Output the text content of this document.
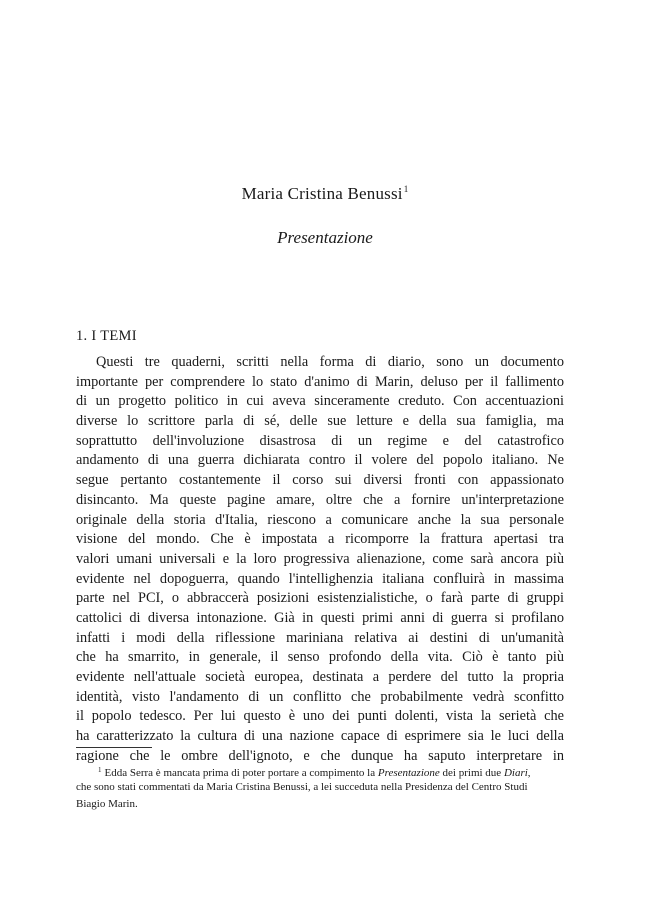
Maria Cristina Benussi$^1$
Presentazione
1. I TEMI
Questi tre quaderni, scritti nella forma di diario, sono un documento
importante per comprendere lo stato d'animo di Marin, deluso per il fallimento
di un progetto politico in cui aveva sinceramente creduto. Con accentuazioni
diverse lo scrittore parla di sé, delle sue letture e della sua famiglia, ma
soprattutto dell'involuzione disastrosa di un regime e del catastrofico
andamento di una guerra dichiarata contro il volere del popolo italiano. Ne
segue pertanto costantemente il corso sui diversi fronti con appassionato
disincanto. Ma queste pagine amare, oltre che a fornire un'interpretazione
originale della storia d'Italia, riescono a comunicare anche la sua personale
visione del mondo. Che è impostata a ricomporre la frattura apertasi tra
valori umani universali e la loro progressiva alienazione, come sarà ancora più
evidente nel dopoguerra, quando l'intellighenzia italiana confluirà in massima
parte nel PCI, o abbraccerà posizioni esistenzialistiche, o farà parte di gruppi
cattolici di diversa intonazione. Già in questi primi anni di guerra si profilano
infatti i modi della riflessione mariniana relativa ai destini di un'umanità
che ha smarrito, in generale, il senso profondo della vita. Ciò è tanto più
evidente nell'attuale società europea, destinata a perdere del tutto la propria
identità, visto l'andamento di un conflitto che probabilmente vedrà sconfitto
il popolo tedesco. Per lui questo è uno dei punti dolenti, vista la serietà che
ha caratterizzato la cultura di una nazione capace di esprimere sia le luci della
ragione che le ombre dell'ignoto, e che dunque ha saputo interpretare in
$^1$ Edda Serra è mancata prima di poter portare a compimento la Presentazione dei primi due Diari,
che sono stati commentati da Maria Cristina Benussi, a lei succeduta nella Presidenza del Centro Studi
Biagio Marin.
